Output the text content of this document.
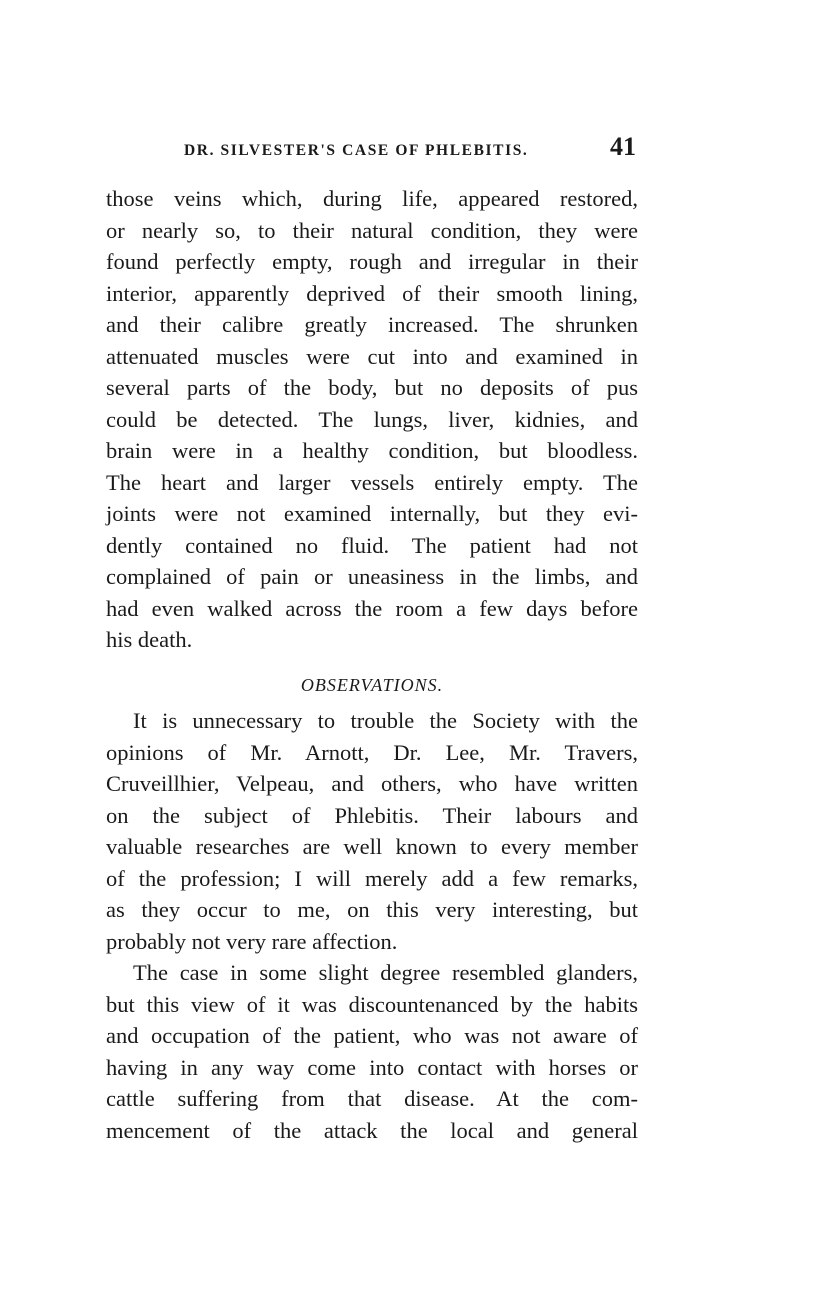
DR. SILVESTER'S CASE OF PHLEBITIS.	41
those veins which, during life, appeared restored,
or nearly so, to their natural condition, they were
found perfectly empty, rough and irregular in their
interior, apparently deprived of their smooth lining,
and their calibre greatly increased. The shrunken
attenuated muscles were cut into and examined in
several parts of the body, but no deposits of pus
could be detected. The lungs, liver, kidnies, and
brain were in a healthy condition, but bloodless.
The heart and larger vessels entirely empty. The
joints were not examined internally, but they evi-
dently contained no fluid. The patient had not
complained of pain or uneasiness in the limbs, and
had even walked across the room a few days before
his death.
OBSERVATIONS.
It is unnecessary to trouble the Society with the
opinions of Mr. Arnott, Dr. Lee, Mr. Travers,
Cruveillhier, Velpeau, and others, who have written
on the subject of Phlebitis. Their labours and
valuable researches are well known to every member
of the profession; I will merely add a few remarks,
as they occur to me, on this very interesting, but
probably not very rare affection.
The case in some slight degree resembled glanders,
but this view of it was discountenanced by the habits
and occupation of the patient, who was not aware of
having in any way come into contact with horses or
cattle suffering from that disease. At the com-
mencement of the attack the local and general
